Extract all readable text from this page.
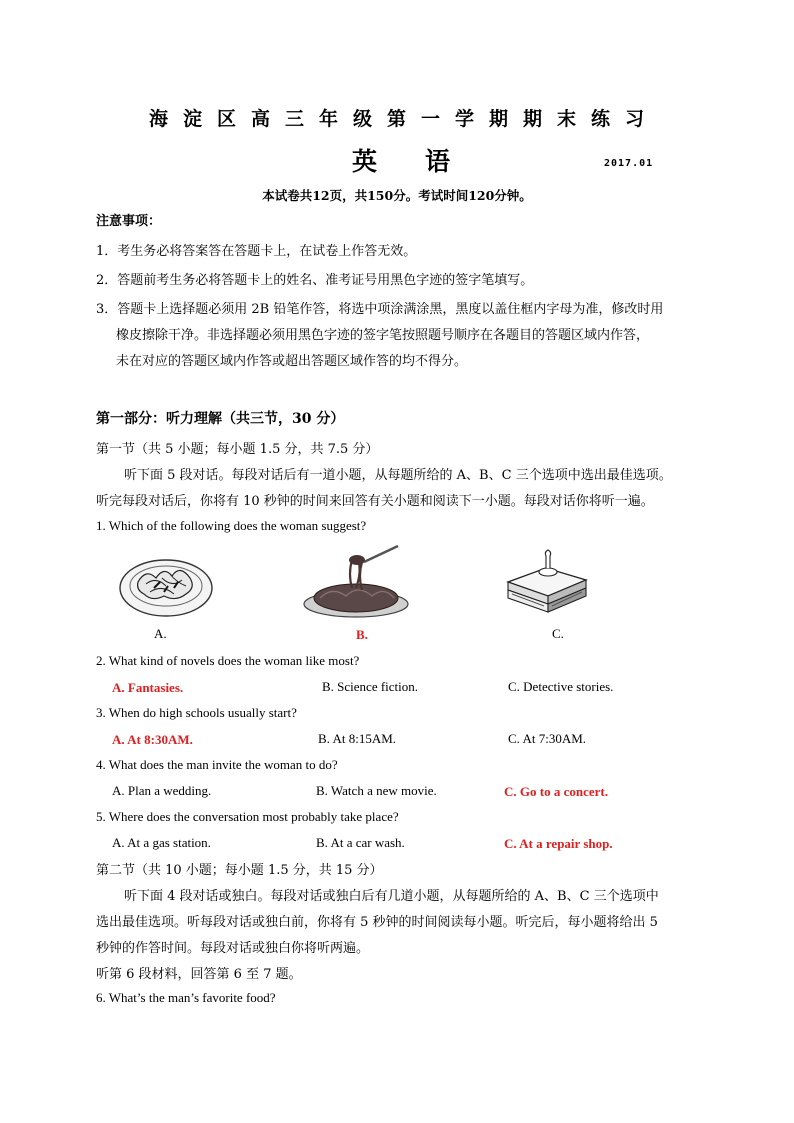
海淀区高三年级第一学期期末练习
英语	2017.01
本试卷共12页，共150分。考试时间120分钟。
注意事项：
1．考生务必将答案答在答题卡上，在试卷上作答无效。
2．答题前考生务必将答题卡上的姓名、准考证号用黑色字迹的签字笔填写。
3．答题卡上选择题必须用 2B 铅笔作答，将选中项涂满涂黑，黑度以盖住框内字母为准，修改时用
橡皮擦除干净。非选择题必须用黑色字迹的签字笔按照题号顺序在各题目的答题区域内作答，
未在对应的答题区域内作答或超出答题区域作答的均不得分。
第一部分：听力理解（共三节，30 分）
第一节（共 5 小题；每小题 1.5 分，共 7.5 分）
听下面 5 段对话。每段对话后有一道小题，从每题所给的 A、B、C 三个选项中选出最佳选项。
听完每段对话后，你将有 10 秒钟的时间来回答有关小题和阅读下一小题。每段对话你将听一遍。
1. Which of the following does the woman suggest?
A.	B.	C.
2. What kind of novels does the woman like most?
A. Fantasies.	B. Science fiction.	C. Detective stories.
3. When do high schools usually start?
A. At 8:30AM.	B. At 8:15AM.	C. At 7:30AM.
4. What does the man invite the woman to do?
A. Plan a wedding.	B. Watch a new movie.	C. Go to a concert.
5. Where does the conversation most probably take place?
A. At a gas station.	B. At a car wash.	C. At a repair shop.
第二节（共 10 小题；每小题 1.5 分，共 15 分）
听下面 4 段对话或独白。每段对话或独白后有几道小题，从每题所给的 A、B、C 三个选项中
选出最佳选项。听每段对话或独白前，你将有 5 秒钟的时间阅读每小题。听完后，每小题将给出 5
秒钟的作答时间。每段对话或独白你将听两遍。
听第 6 段材料，回答第 6 至 7 题。
6. What’s the man’s favorite food?
